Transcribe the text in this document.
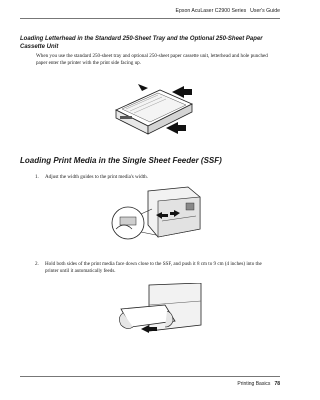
Epson AcuLaser C2900 Series User's Guide
Loading Letterhead in the Standard 250-Sheet Tray and the Optional 250-Sheet Paper Cassette Unit
When you use the standard 250-sheet tray and optional 250-sheet paper cassette unit, letterhead and hole punched paper enter the printer with the print side facing up.
Loading Print Media in the Single Sheet Feeder (SSF)
1. Adjust the width guides to the print media's width.
2. Hold both sides of the print media face down close to the SSF, and push it 8 cm to 9 cm (4 inches) into the printer until it automatically feeds.
Printing Basics 78
